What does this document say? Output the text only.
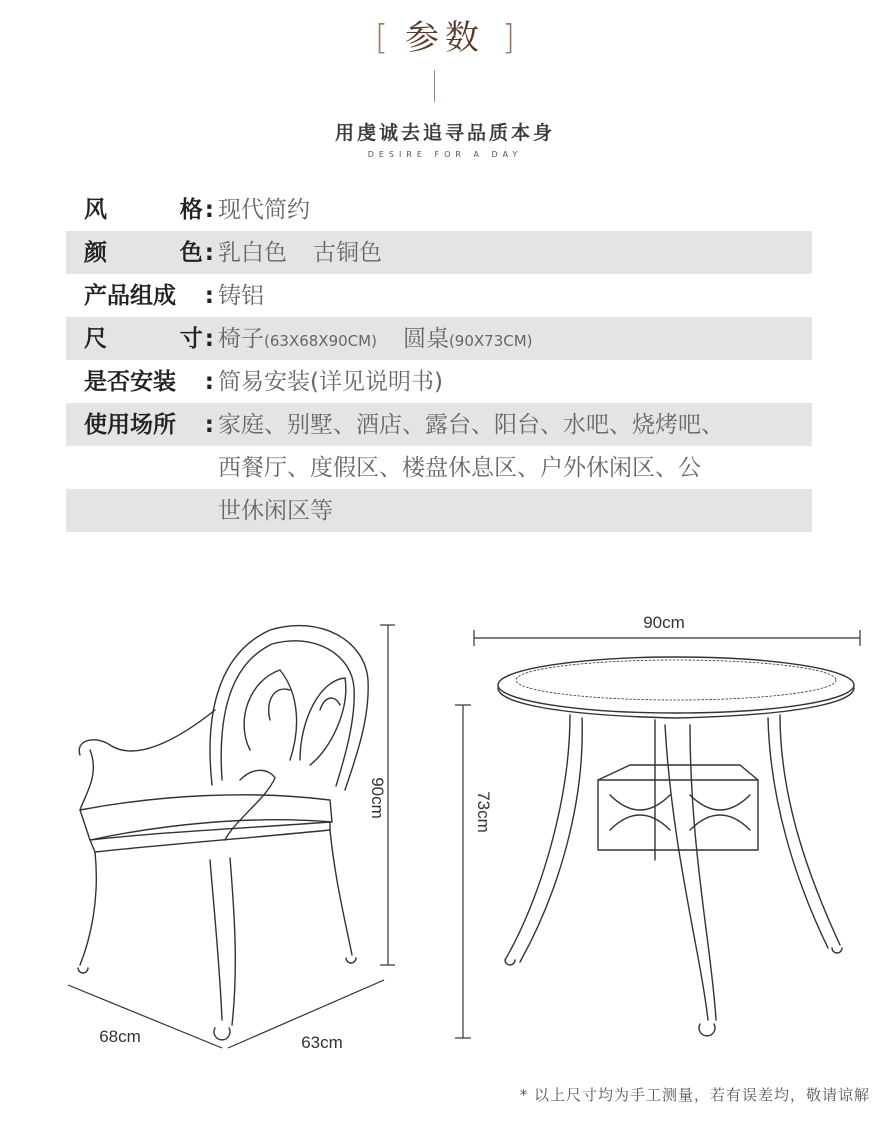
[ 参数 ]
用虔诚去追寻品质本身
DESIRE FOR A DAY
风	格: 现代简约
颜	色: 乳白色 古铜色
产品组成 : 铸铝
尺	寸: 椅子(63X68X90CM) 圆桌(90X73CM)
是否安装 : 简易安装(详见说明书)
使用场所 : 家庭、别墅、酒店、露台、阳台、水吧、烧烤吧、
西餐厅、度假区、楼盘休息区、户外休闲区、公
世休闲区等
90cm
68cm	63cm
90cm
73cm
* 以上尺寸均为手工测量，若有误差均，敬请谅解
